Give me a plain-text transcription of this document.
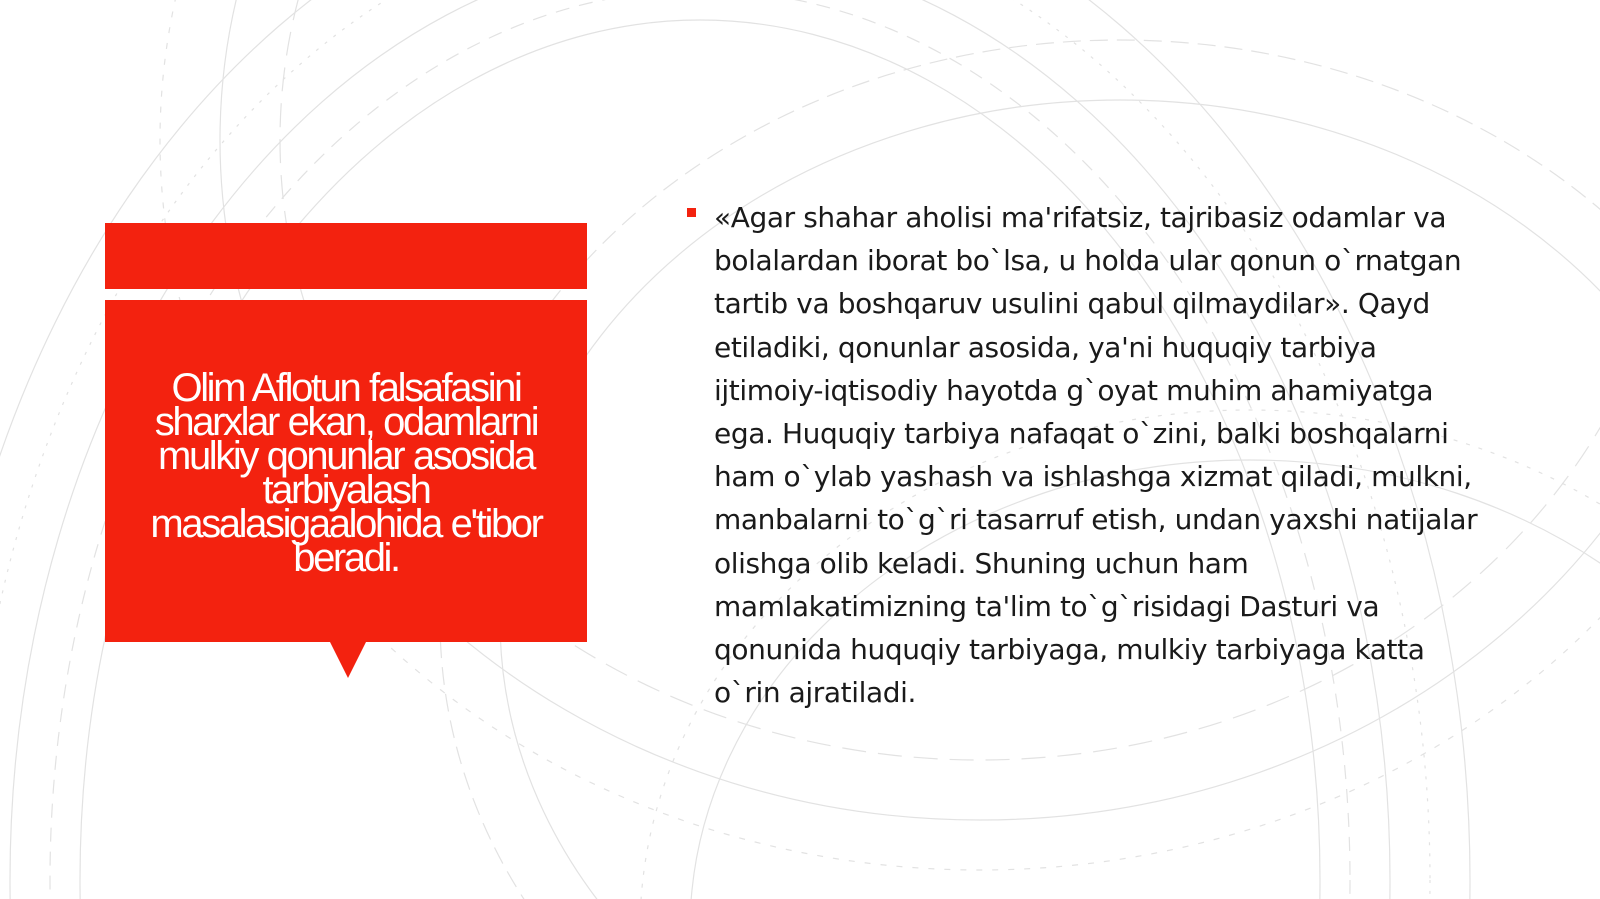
Olim Aflotun falsafasini sharxlar ekan, odamlarni mulkiy qonunlar asosida tarbiyalash masalasigaalohida e'tibor beradi.

«Agar shahar aholisi ma'rifatsiz, tajribasiz odamlar va bolalardan iborat bo`lsa, u holda ular qonun o`rnatgan tartib va boshqaruv usulini qabul qilmaydilar». Qayd etiladiki, qonunlar asosida, ya'ni huquqiy tarbiya ijtimoiy-iqtisodiy hayotda g`oyat muhim ahamiyatga ega. Huquqiy tarbiya nafaqat o`zini, balki boshqalarni ham o`ylab yashash va ishlashga xizmat qiladi, mulkni, manbalarni to`g`ri tasarruf etish, undan yaxshi natijalar olishga olib keladi. Shuning uchun ham mamlakatimizning ta'lim to`g`risidagi Dasturi va qonunida huquqiy tarbiyaga, mulkiy tarbiyaga katta o`rin ajratiladi.
